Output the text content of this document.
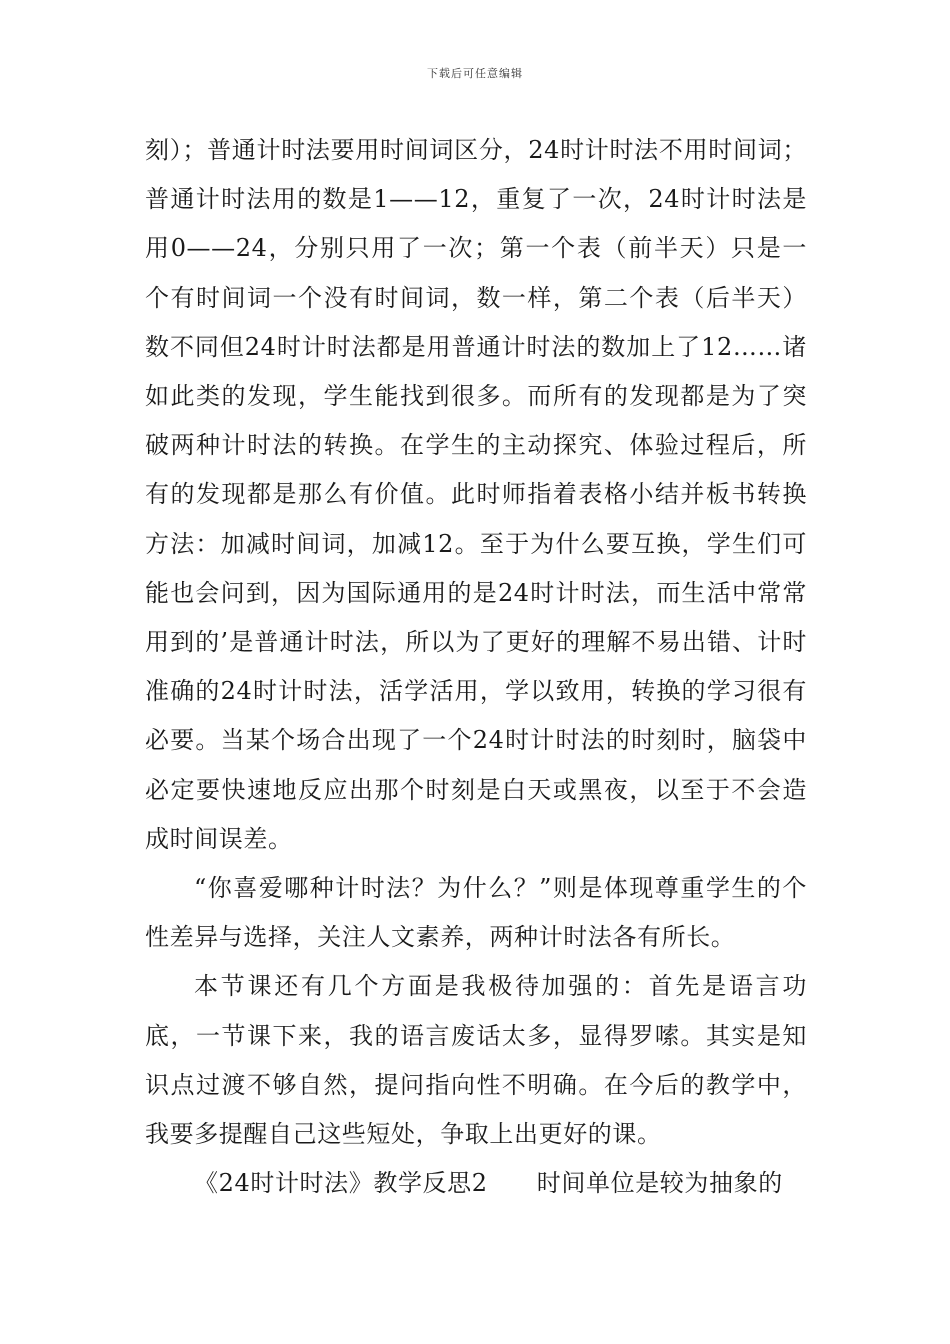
下载后可任意编辑

刻）；普通计时法要用时间词区分，24时计时法不用时间词；普通计时法用的数是1——12，重复了一次，24时计时法是用0——24，分别只用了一次；第一个表（前半天）只是一个有时间词一个没有时间词，数一样，第二个表（后半天）数不同但24时计时法都是用普通计时法的数加上了12……诸如此类的发现，学生能找到很多。而所有的发现都是为了突破两种计时法的转换。在学生的主动探究、体验过程后，所有的发现都是那么有价值。此时师指着表格小结并板书转换方法：加减时间词，加减12。至于为什么要互换，学生们可能也会问到，因为国际通用的是24时计时法，而生活中常常用到的’是普通计时法，所以为了更好的理解不易出错、计时准确的24时计时法，活学活用，学以致用，转换的学习很有必要。当某个场合出现了一个24时计时法的时刻时，脑袋中必定要快速地反应出那个时刻是白天或黑夜，以至于不会造成时间误差。

“你喜爱哪种计时法？为什么？”则是体现尊重学生的个性差异与选择，关注人文素养，两种计时法各有所长。

本节课还有几个方面是我极待加强的：首先是语言功底，一节课下来，我的语言废话太多，显得罗嗦。其实是知识点过渡不够自然，提问指向性不明确。在今后的教学中，我要多提醒自己这些短处，争取上出更好的课。

《24时计时法》教学反思2　　时间单位是较为抽象的
